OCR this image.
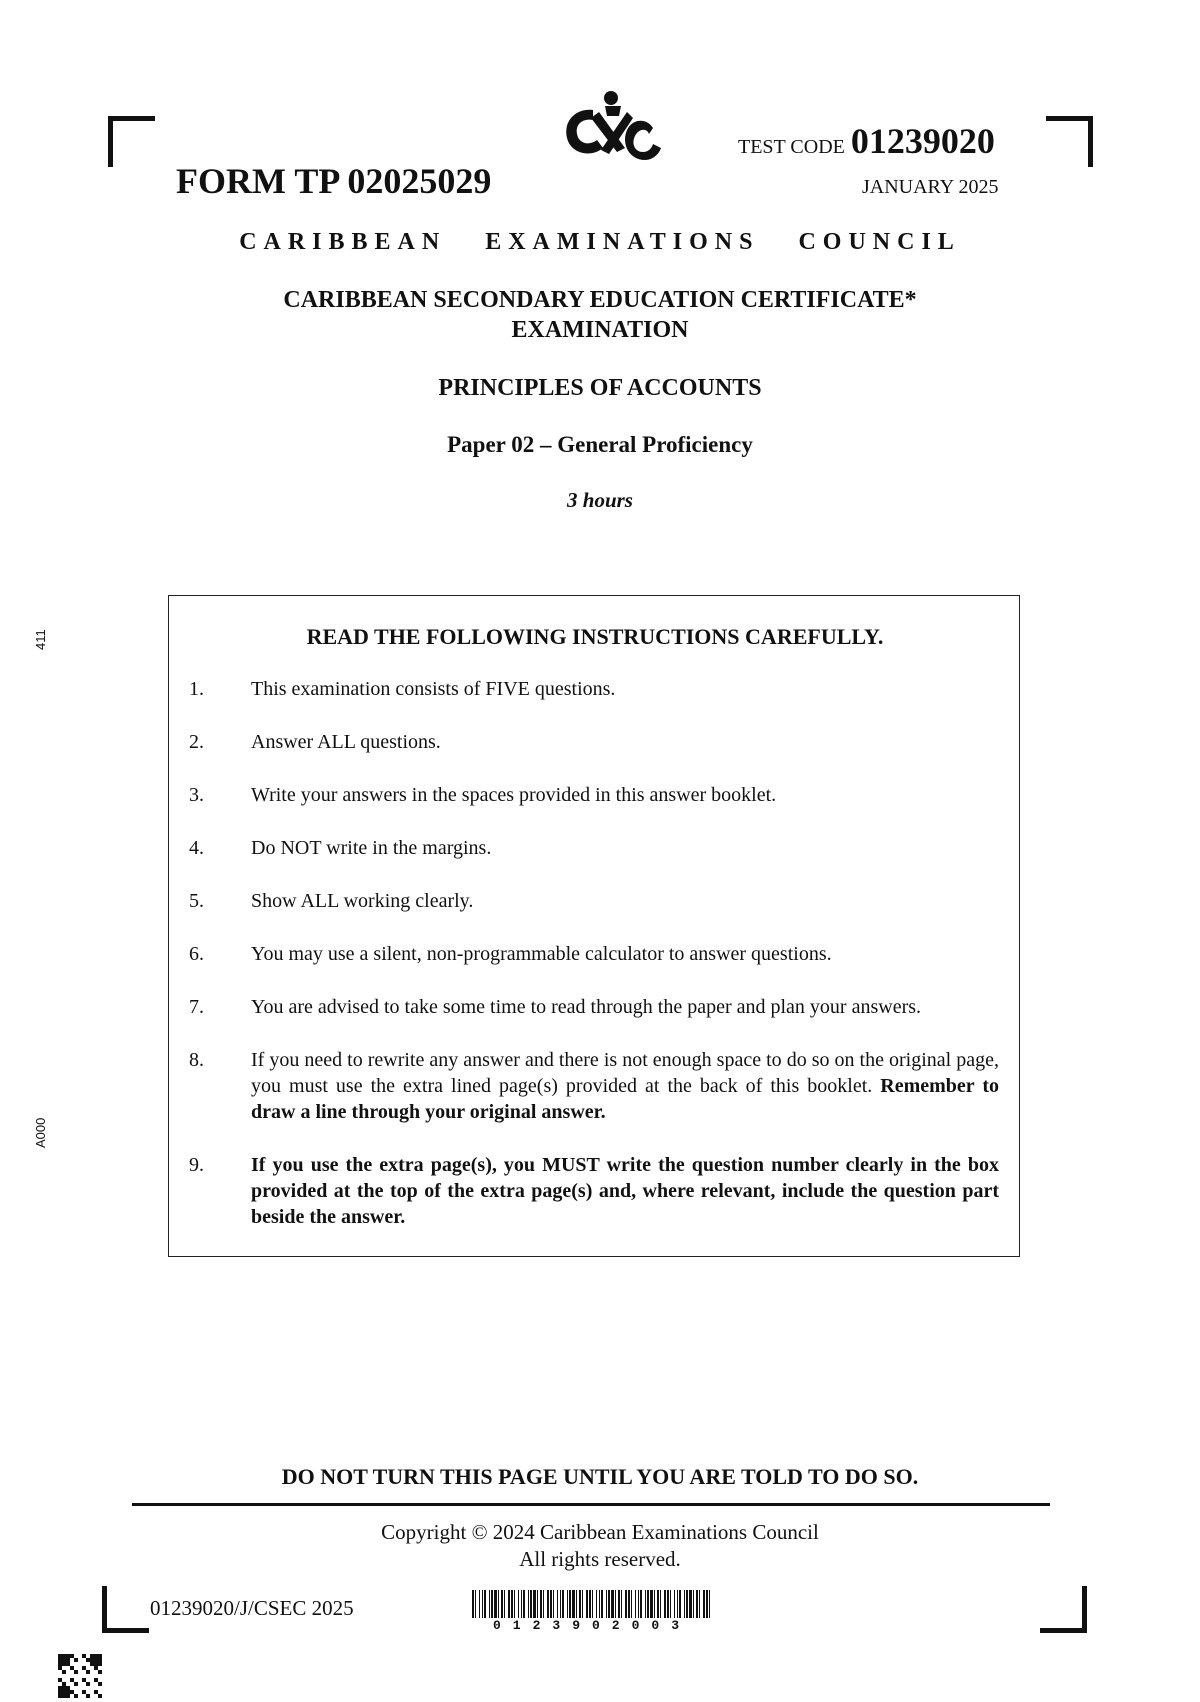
FORM TP 02025029
TEST CODE 01239020
JANUARY 2025
CARIBBEAN EXAMINATIONS COUNCIL
CARIBBEAN SECONDARY EDUCATION CERTIFICATE*
EXAMINATION
PRINCIPLES OF ACCOUNTS
Paper 02 – General Proficiency
3 hours
411
A000
READ THE FOLLOWING INSTRUCTIONS CAREFULLY.
1.	This examination consists of FIVE questions.
2.	Answer ALL questions.
3.	Write your answers in the spaces provided in this answer booklet.
4.	Do NOT write in the margins.
5.	Show ALL working clearly.
6.	You may use a silent, non-programmable calculator to answer questions.
7.	You are advised to take some time to read through the paper and plan your answers.
8.	If you need to rewrite any answer and there is not enough space to do so on the original page, you must use the extra lined page(s) provided at the back of this booklet. Remember to draw a line through your original answer.
9.	If you use the extra page(s), you MUST write the question number clearly in the box provided at the top of the extra page(s) and, where relevant, include the question part beside the answer.
DO NOT TURN THIS PAGE UNTIL YOU ARE TOLD TO DO SO.
Copyright © 2024 Caribbean Examinations Council
All rights reserved.
01239020/J/CSEC 2025
0123902003
